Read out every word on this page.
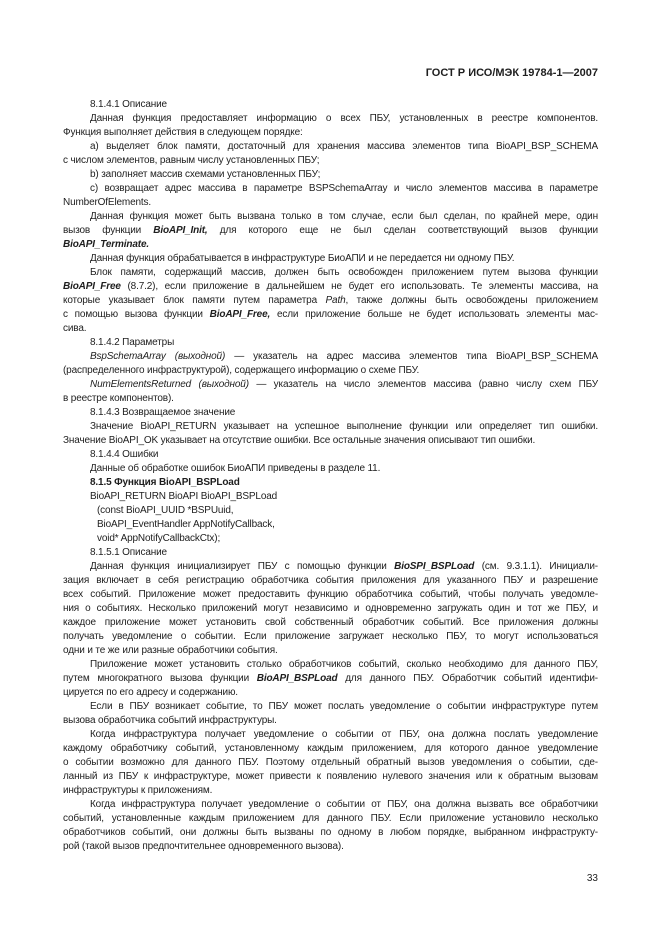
ГОСТ Р ИСО/МЭК 19784-1—2007
8.1.4.1 Описание
Данная функция предоставляет информацию о всех ПБУ, установленных в реестре компонентов.
Функция выполняет действия в следующем порядке:
а) выделяет блок памяти, достаточный для хранения массива элементов типа BioAPI_BSP_SCHEMA
с числом элементов, равным числу установленных ПБУ;
b) заполняет массив схемами установленных ПБУ;
с) возвращает адрес массива в параметре BSPSchemaArray и число элементов массива в параметре
NumberOfElements.
Данная функция может быть вызвана только в том случае, если был сделан, по крайней мере, один
вызов функции BioAPI_Init, для которого еще не был сделан соответствующий вызов функции
BioAPI_Terminate.
Данная функция обрабатывается в инфраструктуре БиоАПИ и не передается ни одному ПБУ.
Блок памяти, содержащий массив, должен быть освобожден приложением путем вызова функции
BioAPI_Free (8.7.2), если приложение в дальнейшем не будет его использовать. Те элементы массива, на
которые указывает блок памяти путем параметра Path, также должны быть освобождены приложением
с помощью вызова функции BioAPI_Free, если приложение больше не будет использовать элементы мас-
сива.
8.1.4.2 Параметры
BspSchemaArray (выходной) — указатель на адрес массива элементов типа BioAPI_BSP_SCHEMA
(распределенного инфраструктурой), содержащего информацию о схеме ПБУ.
NumElementsReturned (выходной) — указатель на число элементов массива (равно числу схем ПБУ
в реестре компонентов).
8.1.4.3 Возвращаемое значение
Значение BioAPI_RETURN указывает на успешное выполнение функции или определяет тип ошибки.
Значение BioAPI_OK указывает на отсутствие ошибки. Все остальные значения описывают тип ошибки.
8.1.4.4 Ошибки
Данные об обработке ошибок БиоАПИ приведены в разделе 11.
8.1.5 Функция BioAPI_BSPLoad
BioAPI_RETURN BioAPI BioAPI_BSPLoad
(const BioAPI_UUID *BSPUuid,
BioAPI_EventHandler AppNotifyCallback,
void* AppNotifyCallbackCtx);
8.1.5.1 Описание
Данная функция инициализирует ПБУ с помощью функции BioSPI_BSPLoad (см. 9.3.1.1). Инициали-
зация включает в себя регистрацию обработчика события приложения для указанного ПБУ и разрешение
всех событий. Приложение может предоставить функцию обработчика событий, чтобы получать уведомле-
ния о событиях. Несколько приложений могут независимо и одновременно загружать один и тот же ПБУ, и
каждое приложение может установить свой собственный обработчик событий. Все приложения должны
получать уведомление о событии. Если приложение загружает несколько ПБУ, то могут использоваться
одни и те же или разные обработчики события.
Приложение может установить столько обработчиков событий, сколько необходимо для данного ПБУ,
путем многократного вызова функции BioAPI_BSPLoad для данного ПБУ. Обработчик событий идентифи-
цируется по его адресу и содержанию.
Если в ПБУ возникает событие, то ПБУ может послать уведомление о событии инфраструктуре путем
вызова обработчика событий инфраструктуры.
Когда инфраструктура получает уведомление о событии от ПБУ, она должна послать уведомление
каждому обработчику событий, установленному каждым приложением, для которого данное уведомление
о событии возможно для данного ПБУ. Поэтому отдельный обратный вызов уведомления о событии, сде-
ланный из ПБУ к инфраструктуре, может привести к появлению нулевого значения или к обратным вызовам
инфраструктуры к приложениям.
Когда инфраструктура получает уведомление о событии от ПБУ, она должна вызвать все обработчики
событий, установленные каждым приложением для данного ПБУ. Если приложение установило несколько
обработчиков событий, они должны быть вызваны по одному в любом порядке, выбранном инфраструкту-
рой (такой вызов предпочтительнее одновременного вызова).
33
